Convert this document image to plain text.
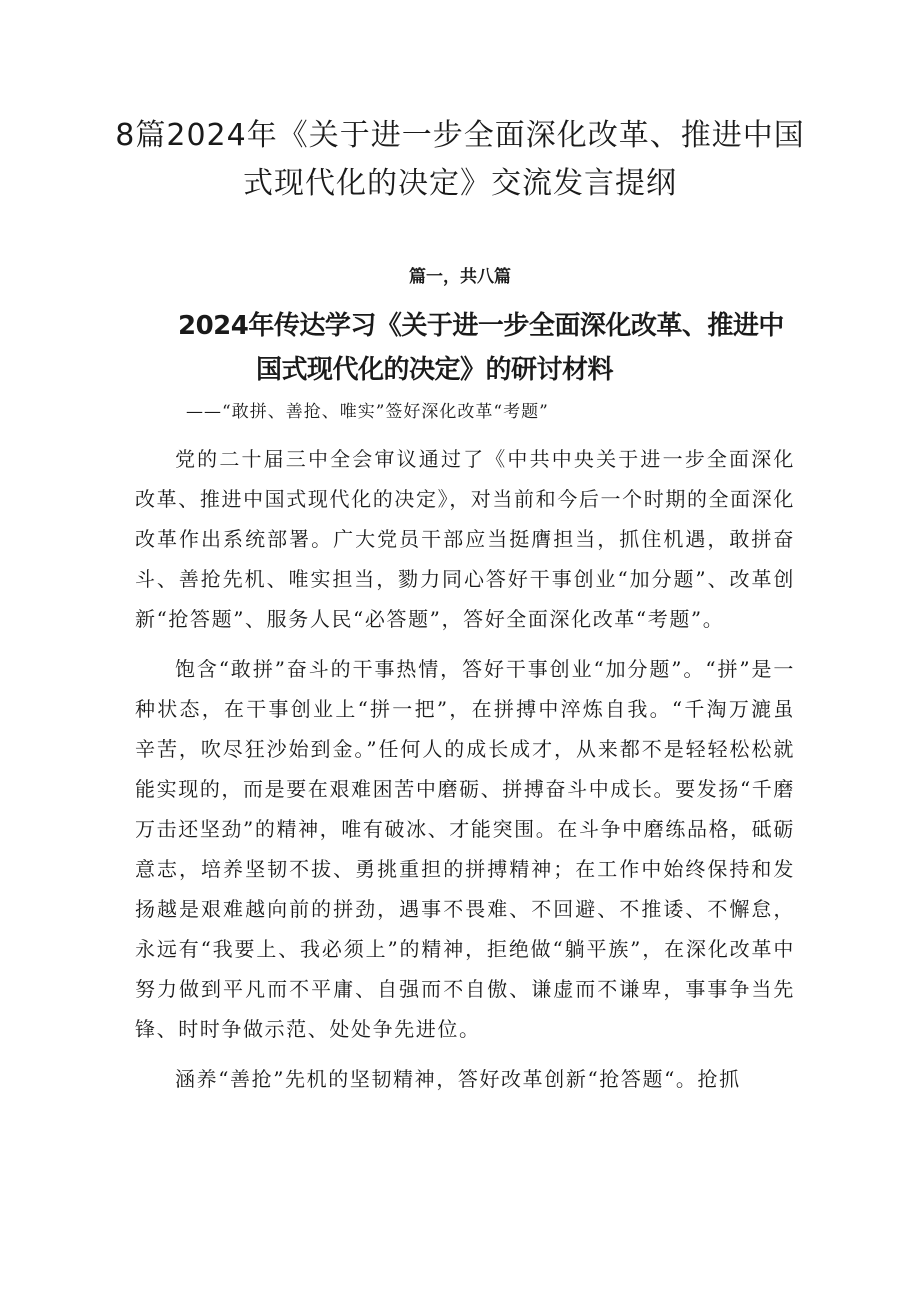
8篇2024年《关于进一步全面深化改革、推进中国式现代化的决定》交流发言提纲
篇一，共八篇
2024年传达学习《关于进一步全面深化改革、推进中
国式现代化的决定》的研讨材料
——“敢拼、善抢、唯实”签好深化改革“考题”

党的二十届三中全会审议通过了《中共中央关于进一步全面深化改革、推进中国式现代化的决定》，对当前和今后一个时期的全面深化改革作出系统部署。广大党员干部应当挺膺担当，抓住机遇，敢拼奋斗、善抢先机、唯实担当，勠力同心答好干事创业“加分题”、改革创新“抢答题”、服务人民“必答题”，答好全面深化改革“考题”。

饱含“敢拼”奋斗的干事热情，答好干事创业“加分题”。“拼”是一种状态，在干事创业上“拼一把”，在拼搏中淬炼自我。“千淘万漉虽辛苦，吹尽狂沙始到金。”任何人的成长成才，从来都不是轻轻松松就能实现的，而是要在艰难困苦中磨砺、拼搏奋斗中成长。要发扬“千磨万击还坚劲”的精神，唯有破冰、才能突围。在斗争中磨练品格，砥砺意志，培养坚韧不拔、勇挑重担的拼搏精神；在工作中始终保持和发扬越是艰难越向前的拼劲，遇事不畏难、不回避、不推诿、不懈怠，永远有“我要上、我必须上”的精神，拒绝做“躺平族”，在深化改革中努力做到平凡而不平庸、自强而不自傲、谦虚而不谦卑，事事争当先锋、时时争做示范、处处争先进位。

涵养“善抢”先机的坚韧精神，答好改革创新“抢答题“。抢抓
